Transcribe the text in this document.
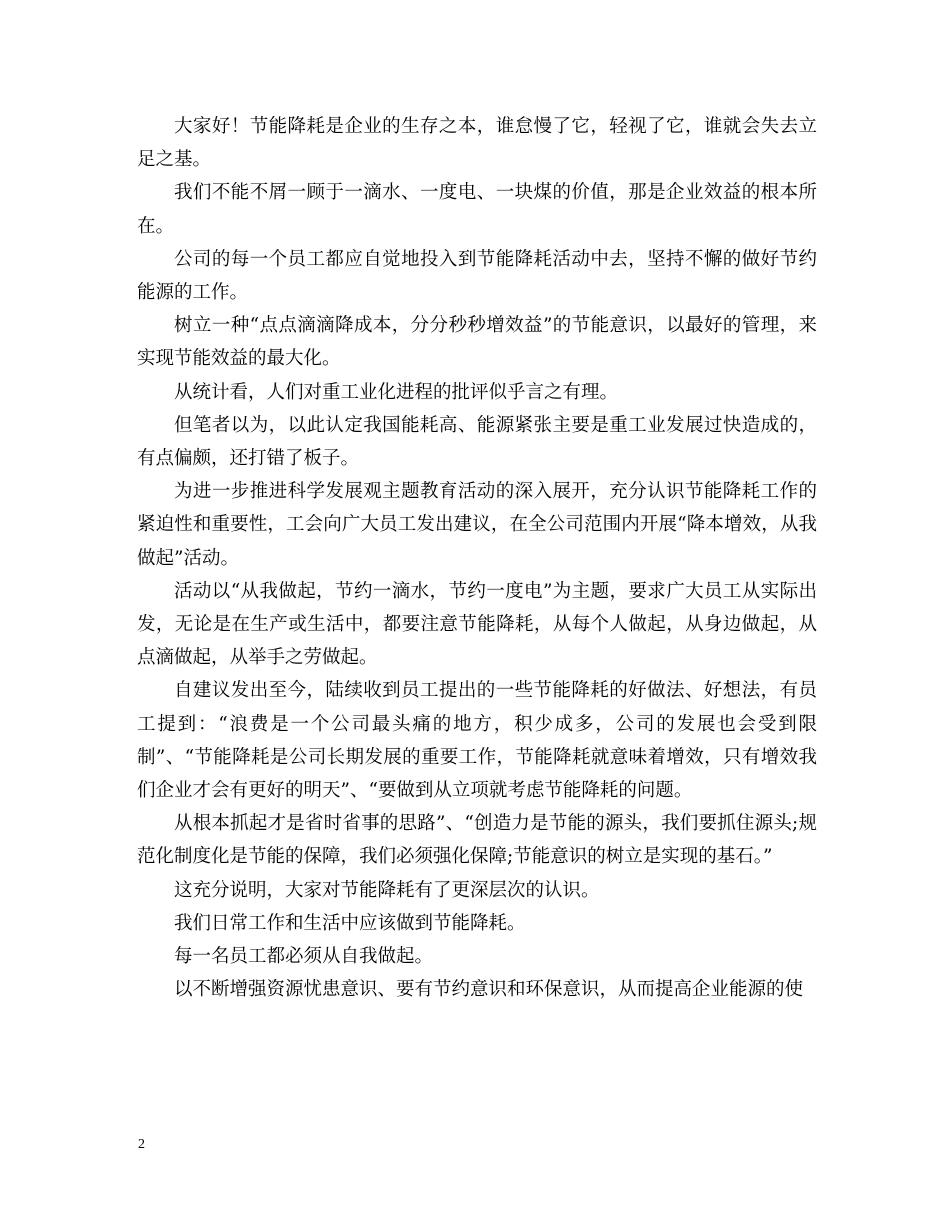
大家好！节能降耗是企业的生存之本，谁怠慢了它，轻视了它，谁就会失去立足之基。

我们不能不屑一顾于一滴水、一度电、一块煤的价值，那是企业效益的根本所在。

公司的每一个员工都应自觉地投入到节能降耗活动中去，坚持不懈的做好节约能源的工作。

树立一种“点点滴滴降成本，分分秒秒增效益”的节能意识，以最好的管理，来实现节能效益的最大化。

从统计看，人们对重工业化进程的批评似乎言之有理。

但笔者以为，以此认定我国能耗高、能源紧张主要是重工业发展过快造成的，有点偏颇，还打错了板子。

为进一步推进科学发展观主题教育活动的深入展开，充分认识节能降耗工作的紧迫性和重要性，工会向广大员工发出建议，在全公司范围内开展“降本增效，从我做起”活动。

活动以“从我做起，节约一滴水，节约一度电”为主题，要求广大员工从实际出发，无论是在生产或生活中，都要注意节能降耗，从每个人做起，从身边做起，从点滴做起，从举手之劳做起。

自建议发出至今，陆续收到员工提出的一些节能降耗的好做法、好想法，有员工提到：“浪费是一个公司最头痛的地方，积少成多，公司的发展也会受到限制”、“节能降耗是公司长期发展的重要工作，节能降耗就意味着增效，只有增效我们企业才会有更好的明天”、“要做到从立项就考虑节能降耗的问题。

从根本抓起才是省时省事的思路”、“创造力是节能的源头，我们要抓住源头;规范化制度化是节能的保障，我们必须强化保障;节能意识的树立是实现的基石。”

这充分说明，大家对节能降耗有了更深层次的认识。

我们日常工作和生活中应该做到节能降耗。

每一名员工都必须从自我做起。

以不断增强资源忧患意识、要有节约意识和环保意识，从而提高企业能源的使

2
